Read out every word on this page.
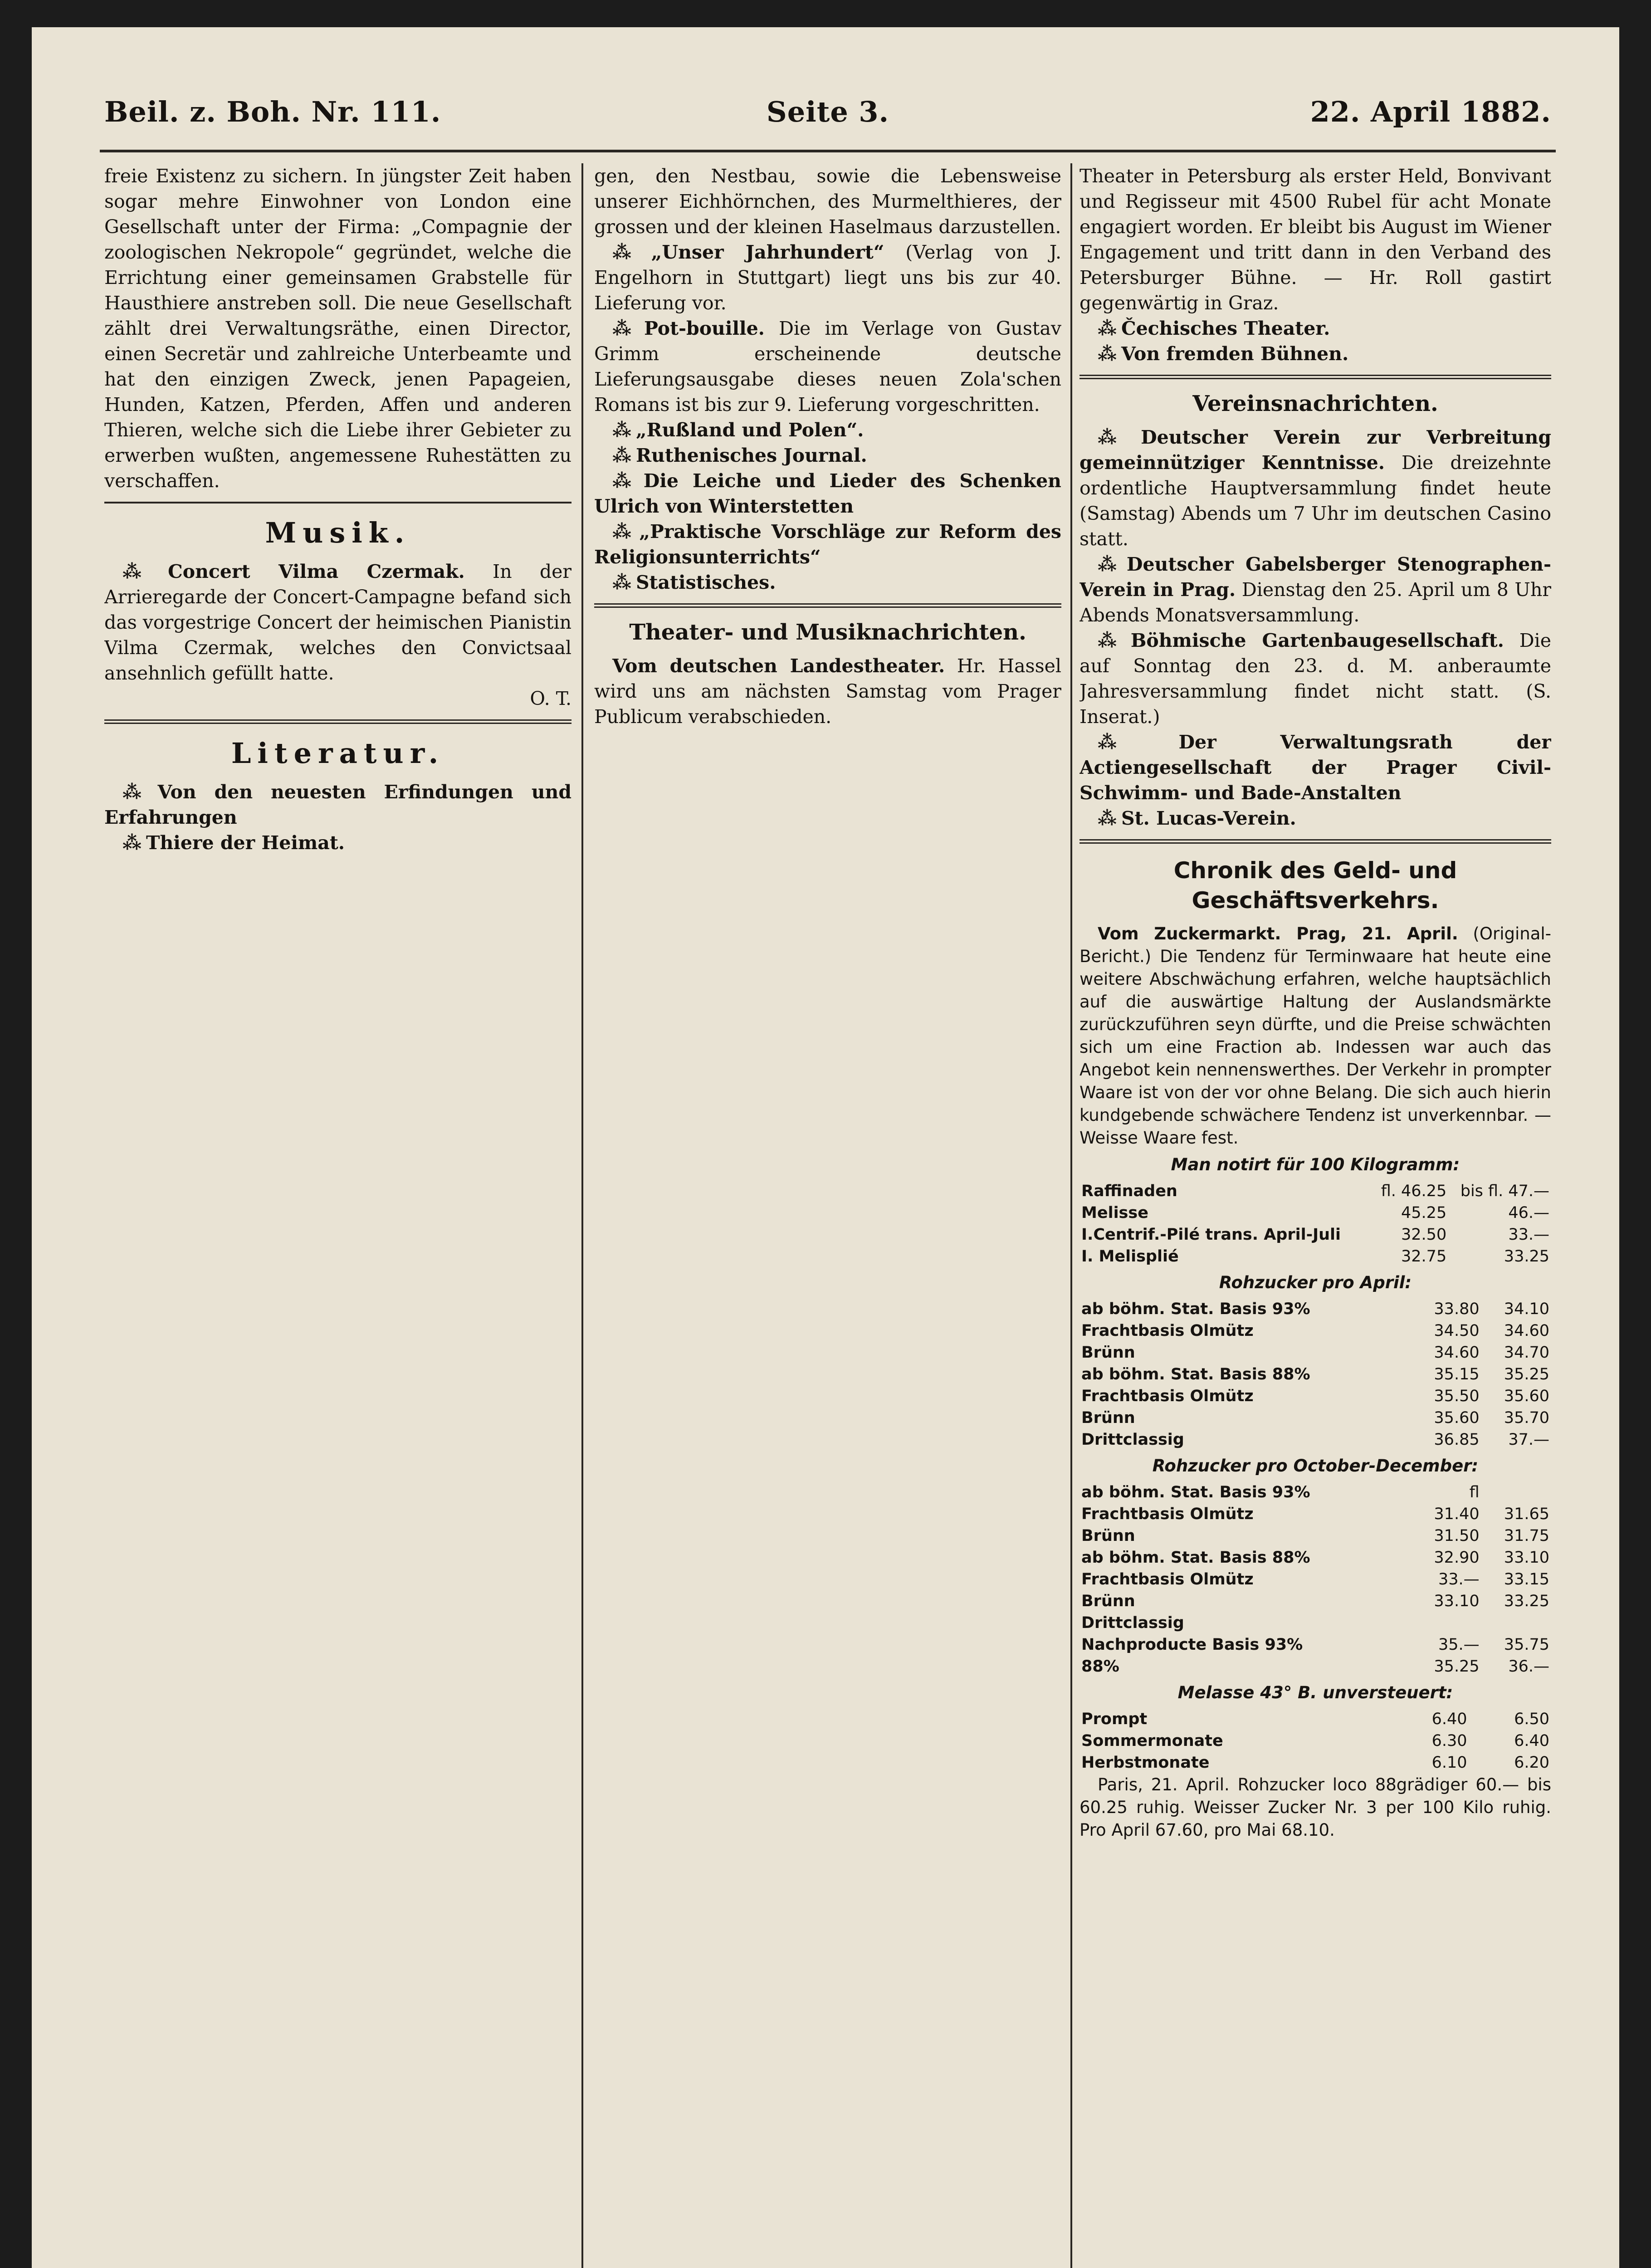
Beil. z. Boh. Nr. 111.	Seite 3.	22. April 1882.

freie Existenz zu sichern. In jüngster Zeit haben sogar mehre Einwohner von London eine Gesellschaft unter der Firma: „Compagnie der zoologischen Nekropole“ gegründet, welche die Errichtung einer gemeinsamen Grabstelle für Hausthiere anstreben soll. Die neue Gesellschaft zählt drei Verwaltungsräthe, einen Director, einen Secretär und zahlreiche Unterbeamte und hat den einzigen Zweck, jenen Papageien, Hunden, Katzen, Pferden, Affen und anderen Thieren, welche sich die Liebe ihrer Gebieter zu erwerben wußten, angemessene Ruhestätten zu verschaffen.

Musik.

⁂ Concert Vilma Czermak. In der Arrieregarde der Concert-Campagne befand sich das vorgestrige Concert der heimischen Pianistin Vilma Czermak, welches den Convictsaal ansehnlich gefüllt hatte.

O. T.

Literatur.

⁂ Von den neuesten Erfindungen und Erfahrungen

⁂ Thiere der Heimat.

gen, den Nestbau, sowie die Lebensweise unserer Eichhörnchen, des Murmelthieres, der grossen und der kleinen Haselmaus darzustellen.

⁂ „Unser Jahrhundert“ (Verlag von J. Engelhorn in Stuttgart) liegt uns bis zur 40. Lieferung vor.

⁂ Pot-bouille. Die im Verlage von Gustav Grimm erscheinende deutsche Lieferungsausgabe dieses neuen Zola'schen Romans ist bis zur 9. Lieferung vorgeschritten.

⁂ „Rußland und Polen“.

⁂ Ruthenisches Journal.

⁂ Die Leiche und Lieder des Schenken Ulrich von Winterstetten

⁂ „Praktische Vorschläge zur Reform des Religionsunterrichts“

⁂ Statistisches.

Theater- und Musiknachrichten.

Vom deutschen Landestheater. Hr. Hassel wird uns am nächsten Samstag vom Prager Publicum verabschieden.

Theater in Petersburg als erster Held, Bonvivant und Regisseur mit 4500 Rubel für acht Monate engagiert worden. Er bleibt bis August im Wiener Engagement und tritt dann in den Verband des Petersburger Bühne. — Hr. Roll gastirt gegenwärtig in Graz.

⁂ Čechisches Theater.

⁂ Von fremden Bühnen.

Vereinsnachrichten.

⁂ Deutscher Verein zur Verbreitung gemeinnütziger Kenntnisse. Die dreizehnte ordentliche Hauptversammlung findet heute (Samstag) Abends um 7 Uhr im deutschen Casino statt.

⁂ Deutscher Gabelsberger Stenographen-Verein in Prag. Dienstag den 25. April um 8 Uhr Abends Monatsversammlung.

⁂ Böhmische Gartenbaugesellschaft. Die auf Sonntag den 23. d. M. anberaumte Jahresversammlung findet nicht statt. (S. Inserat.)

⁂ Der Verwaltungsrath der Actiengesellschaft der Prager Civil-Schwimm- und Bade-Anstalten

⁂ St. Lucas-Verein.

Chronik des Geld- und Geschäftsverkehrs.

Vom Zuckermarkt. Prag, 21. April. (Original-Bericht.) Die Tendenz für Terminwaare hat heute eine weitere Abschwächung erfahren, welche hauptsächlich auf die auswärtige Haltung der Auslandsmärkte zurückzuführen seyn dürfte, und die Preise schwächten sich um eine Fraction ab. Indessen war auch das Angebot kein nennenswerthes. Der Verkehr in prompter Waare ist von der vor ohne Belang. Die sich auch hierin kundgebende schwächere Tendenz ist unverkennbar. — Weisse Waare fest.

Man notirt für 100 Kilogramm:
Raffinaden	fl. 46.25	bis fl. 47.—
Melisse	45.25	46.—
I.Centrif.-Pilé trans. April-Juli	32.50	33.—
I. Melisplié	32.75	33.25
Rohzucker pro April:
ab böhm. Stat. Basis 93%	33.80	34.10
Frachtbasis Olmütz	34.50	34.60
Brünn	34.60	34.70
ab böhm. Stat. Basis 88%	35.15	35.25
Frachtbasis Olmütz	35.50	35.60
Brünn	35.60	35.70
Drittclassig	36.85	37.—
Rohzucker pro October-December:
ab böhm. Stat. Basis 93%	fl	
Frachtbasis Olmütz	31.40	31.65
Brünn	31.50	31.75
ab böhm. Stat. Basis 88%	32.90	33.10
Frachtbasis Olmütz	33.—	33.15
Brünn	33.10	33.25
Drittclassig		
Nachproducte Basis 93%	35.—	35.75
88%	35.25	36.—
Melasse 43° B. unversteuert:
Prompt	6.40	6.50
Sommermonate	6.30	6.40
Herbstmonate	6.10	6.20

Paris, 21. April. Rohzucker loco 88grädiger 60.— bis 60.25 ruhig. Weisser Zucker Nr. 3 per 100 Kilo ruhig. Pro April 67.60, pro Mai 68.10.
